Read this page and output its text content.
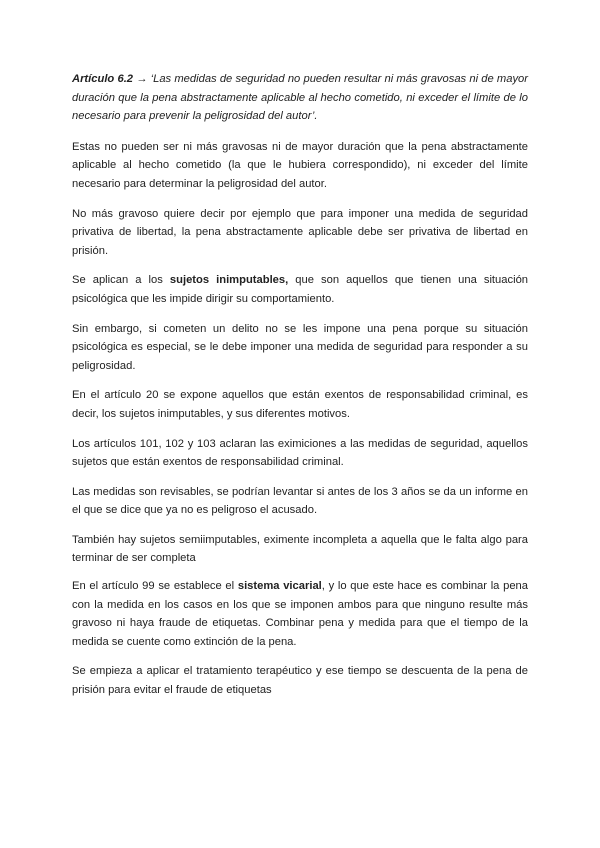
Artículo 6.2 → ‘Las medidas de seguridad no pueden resultar ni más gravosas ni de mayor duración que la pena abstractamente aplicable al hecho cometido, ni exceder el límite de lo necesario para prevenir la peligrosidad del autor’.

Estas no pueden ser ni más gravosas ni de mayor duración que la pena abstractamente aplicable al hecho cometido (la que le hubiera correspondido), ni exceder del límite necesario para determinar la peligrosidad del autor.

No más gravoso quiere decir por ejemplo que para imponer una medida de seguridad privativa de libertad, la pena abstractamente aplicable debe ser privativa de libertad en prisión.

Se aplican a los sujetos inimputables, que son aquellos que tienen una situación psicológica que les impide dirigir su comportamiento.

Sin embargo, si cometen un delito no se les impone una pena porque su situación psicológica es especial, se le debe imponer una medida de seguridad para responder a su peligrosidad.

En el artículo 20 se expone aquellos que están exentos de responsabilidad criminal, es decir, los sujetos inimputables, y sus diferentes motivos.

Los artículos 101, 102 y 103 aclaran las eximiciones a las medidas de seguridad, aquellos sujetos que están exentos de responsabilidad criminal.

Las medidas son revisables, se podrían levantar si antes de los 3 años se da un informe en el que se dice que ya no es peligroso el acusado.

También hay sujetos semiimputables, eximente incompleta a aquella que le falta algo para terminar de ser completa

En el artículo 99 se establece el sistema vicarial, y lo que este hace es combinar la pena con la medida en los casos en los que se imponen ambos para que ninguno resulte más gravoso ni haya fraude de etiquetas. Combinar pena y medida para que el tiempo de la medida se cuente como extinción de la pena.

Se empieza a aplicar el tratamiento terapéutico y ese tiempo se descuenta de la pena de prisión para evitar el fraude de etiquetas
